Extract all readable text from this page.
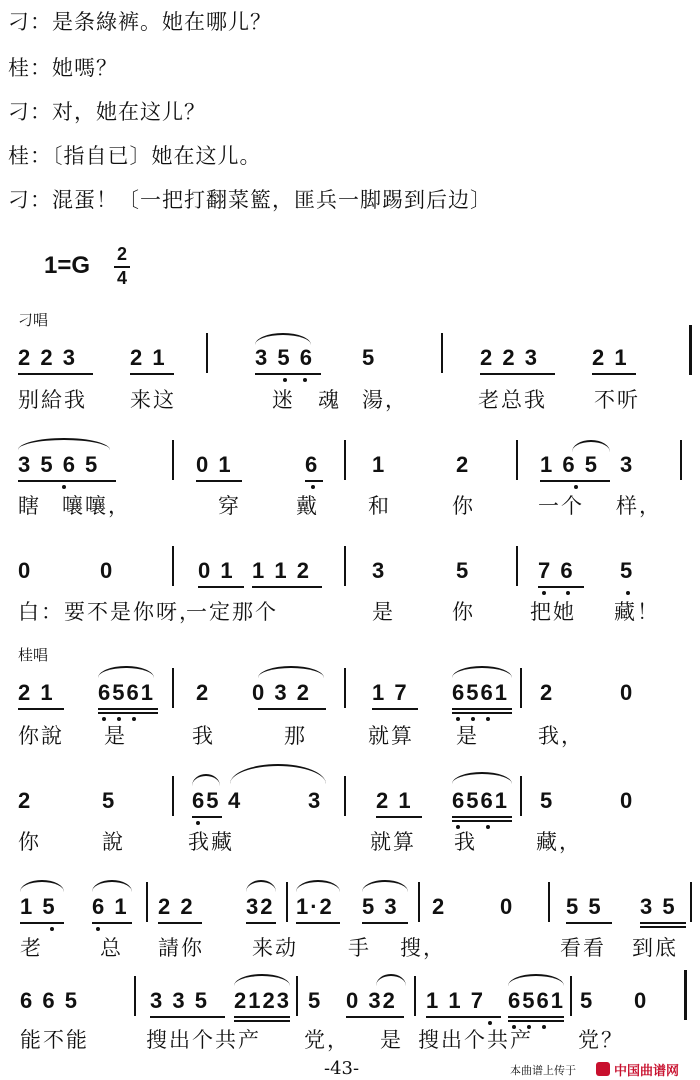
刁：是条綠裤。她在哪儿？
桂：她嗎？
刁：对，她在这儿？
桂：〔指自已〕她在这儿。
刁：混蛋！〔一把打翻菜籃，匪兵一脚踢到后边〕
1=G 2
4
刁唱
2 2 3 2 1	3 5 6 5	2 2 3 2 1
别給我 来这	迷 魂 湯，	老总我 不听
3 5 6 5	0 1	6 1	2	1 6 5 3
瞎 嚷嚷，	穿	戴 和	你	一个 样，
0	0	0 1 1 1 2	3	5	7 6 5
白：要不是你呀，
一定那个	是	你	把她 藏！
桂唱
2 1 6561 2 0 3 2	1 7 6561 2	0
你說 是	我	那	就算 是	我，
2	5	65 4	3 2 1 6561 5	0
你	說	我藏	就算 我	藏，
1 5 6 1 2 2 32 1·2 5 3 2 0 5 5 3 5
老	总 請你 来动 手 搜，	看看 到底
6 6 5	3 3 5 2123 5 0 32 1 1 7 6561 5 0
能不能	搜出个共产 党， 是 搜出个共产 党？
-43-	本曲谱上传于	中国曲谱网
